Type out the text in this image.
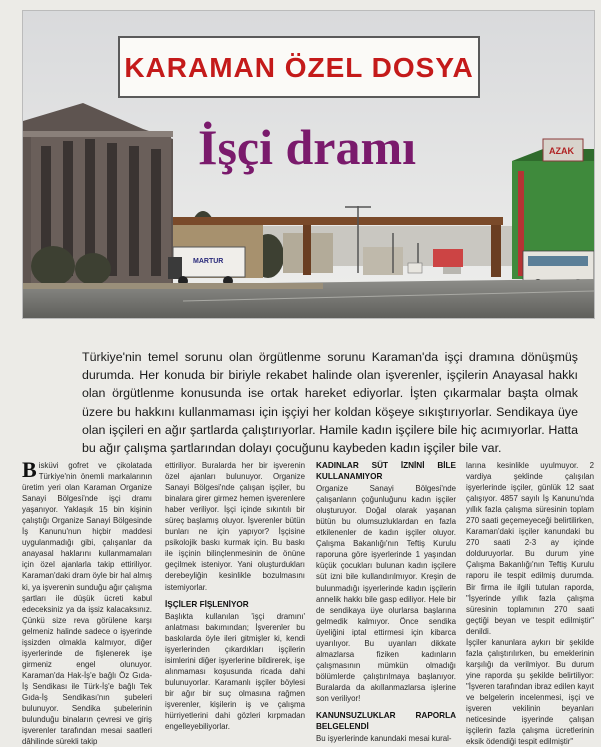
MARTUR
AZAK
KARAMAN ÖZEL DOSYA
İşçi dramı
Türkiye'nin temel sorunu olan örgütlenme sorunu Karaman'da işçi dramına dönüşmüş durumda. Her konuda bir biriyle rekabet halinde olan işverenler, işçilerin Anayasal hakkı olan örgütlenme konusunda ise ortak hareket ediyorlar. İşten çıkarmalar başta olmak üzere bu hakkını kullanmaması için işçiyi her koldan köşeye sıkıştırıyorlar. Sendikaya üye olan işçileri en ağır şartlarda çalıştırıyorlar. Hamile kadın işçilere bile hiç acımıyorlar. Hatta bu ağır çalışma şartlarından dolayı çocuğunu kaybeden kadın işçiler bile var.

Bisküvi gofret ve çikolatada Türkiye'nin önemli markalarının üretim yeri olan Karaman Organize Sanayi Bölgesi'nde işçi dramı yaşanıyor. Yaklaşık 15 bin kişinin çalıştığı Organize Sanayi Bölgesinde İş Kanunu'nun hiçbir maddesi uygulanmadığı gibi, çalışanlar da anayasal haklarını kullanmamaları için özel ajanlarla takip ettiriliyor. Karaman'daki dram öyle bir hal almış ki, ya işverenin sunduğu ağır çalışma şartları ile düşük ücreti kabul edeceksiniz ya da işsiz kalacaksınız. Çünkü size reva görülene karşı gelmeniz halinde sadece o işyerinde işsizden olmakla kalmıyor, diğer işyerlerinde de fişlenerek işe girmeniz engel olunuyor. Karaman'da Hak-İş'e bağlı Öz Gıda-İş Sendikası ile Türk-İş'e bağlı Tek Gıda-İş Sendikası'nın şubeleri bulunuyor. Sendika şubelerinin bulunduğu binaların çevresi ve giriş işverenler tarafından mesai saatleri dâhilinde sürekli takip

ettiriliyor. Buralarda her bir işverenin özel ajanları bulunuyor. Organize Sanayi Bölgesi'nde çalışan işçiler, bu binalara girer girmez hemen işverenlere haber veriliyor. İşçi içinde sıkıntılı bir süreç başlamış oluyor. İşverenler bütün bunları ne için yapıyor? İşçisine psikolojik baskı kurmak için. Bu baskı ile işçinin bilinçlenmesinin de önüne geçilmek isteniyor. Yani oluşturdukları derebeyliğin kesinlikle bozulmasını istemiyorlar.

İŞÇİLER FİŞLENİYOR

Başlıkta kullanılan 'işçi dramını' anlatması bakımından; İşverenler bu baskılarda öyle ileri gitmişler ki, kendi işyerlerinden çıkardıkları işçilerin isimlerini diğer işyerlerine bildirerek, işe alınmaması koşusunda ricada dahi bulunuyorlar. Karamanlı işçiler böylesi bir ağır bir suç olmasına rağmen işverenler, kişilerin iş ve çalışma hürriyetlerini dahi gözleri kırpmadan engelleyebiliyorlar.

KADINLAR SÜT İZNİNİ BİLE KULLANAMIYOR

Organize Sanayi Bölgesi'nde çalışanların çoğunluğunu kadın işçiler oluşturuyor. Doğal olarak yaşanan bütün bu olumsuzluklardan en fazla etkilenenler de kadın işçiler oluyor. Çalışma Bakanlığı'nın Teftiş Kurulu raporuna göre işyerlerinde 1 yaşından küçük çocukları bulunan kadın işçilere süt izni bile kullandırılmıyor. Kreşin de bulunmadığı işyerlerinde kadın işçilerin annelik hakkı bile gasp ediliyor. Hele bir de sendikaya üye olurlarsa başlarına gelmedik kalmıyor. Önce sendika üyeliğini iptal ettirmesi için kibarca uyarılıyor. Bu uyarıları dikkate almazlarsa fiziken kadınların çalışmasının mümkün olmadığı bölümlerde çalıştırılmaya başlanıyor. Buralarda da akıllanmazlarsa işlerine son veriliyor!

KANUNSUZLUKLAR RAPORLA BELGELENDİ

Bu işyerlerinde kanundaki mesai kural-

larına kesinlikle uyulmuyor. 2 vardiya şeklinde çalışılan işyerlerinde işçiler, günlük 12 saat çalışıyor. 4857 sayılı İş Kanunu'nda yıllık fazla çalışma süresinin toplam 270 saati geçemeyeceği belirtilirken, Karaman'daki işçiler kanundaki bu 270 saati 2-3 ay içinde dolduruyorlar. Bu durum yine Çalışma Bakanlığı'nın Teftiş Kurulu raporu ile tespit edilmiş durumda. Bir firma ile ilgili tutulan raporda, "İşyerinde yıllık fazla çalışma süresinin toplamının 270 saati geçtiği beyan ve tespit edilmiştir" denildi.

İşçiler kanunlara aykırı bir şekilde fazla çalıştırılırken, bu emeklerinin karşılığı da verilmiyor. Bu durum yine raporda şu şekilde belirtiliyor: "İşveren tarafından ibraz edilen kayıt ve belgelerin incelenmesi, işçi ve işveren vekilinin beyanları neticesinde işyerinde çalışan işçilerin fazla çalışma ücretlerinin eksik ödendiği tespit edilmiştir"
